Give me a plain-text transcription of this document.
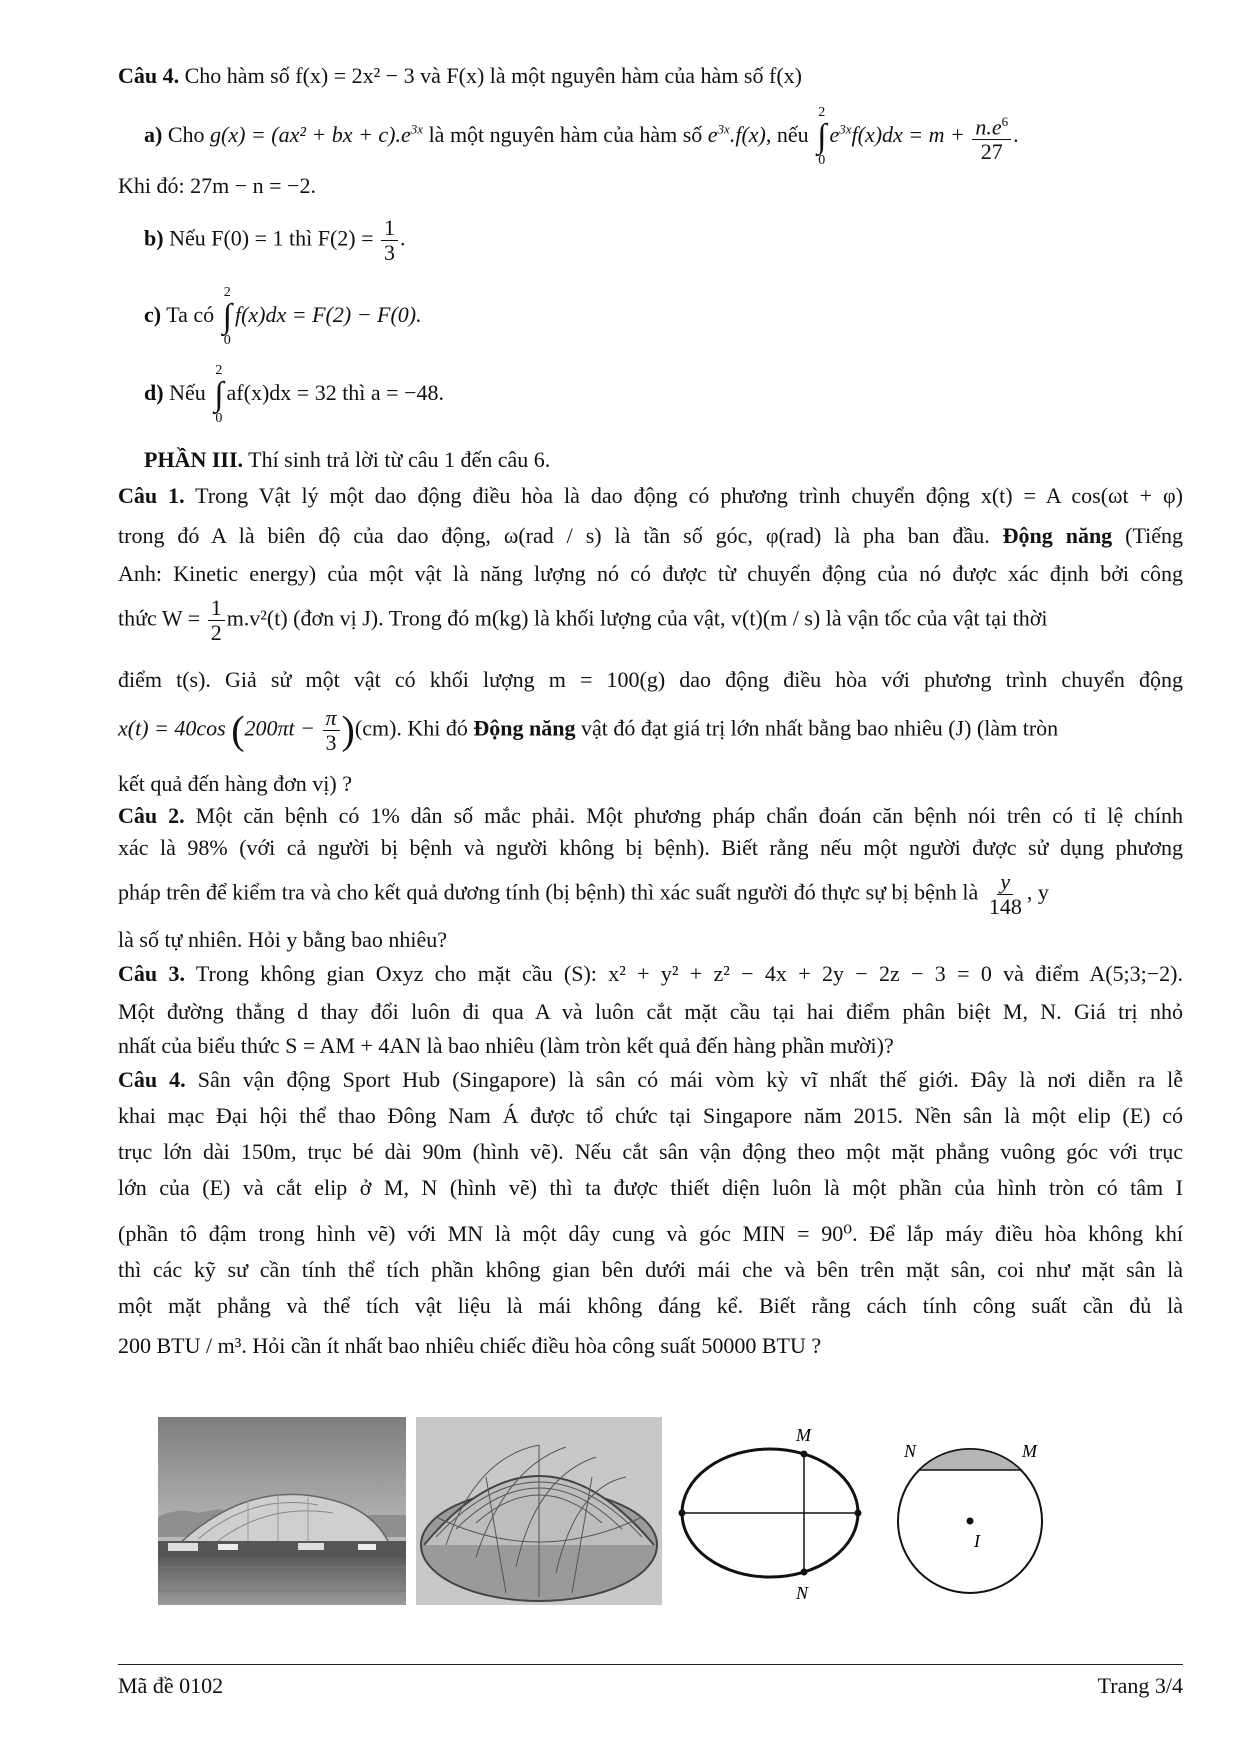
Câu 4. Cho hàm số f(x) = 2x² − 3 và F(x) là một nguyên hàm của hàm số f(x)
a) Cho g(x) = (ax² + bx + $c).e^{3x}$ là một nguyên hàm của hàm số $e^{3x}.f(x)$, nếu
2
∫
0
$e^{3x}f(x)dx = m + \frac{n.e^6}{27}$ .
Khi đó: 27m − n = −2.
b) Nếu F(0) = 1 thì $F(2) = \frac{1}{3}$ .
c) Ta có
2
∫
0
f(x)dx = F(2) − F(0).
d) Nếu
2
∫
0
af(x)dx = 32 thì a = −48.
PHẦN III. Thí sinh trả lời từ câu 1 đến câu 6.
Câu 1. Trong Vật lý một dao động điều hòa là dao động có phương trình chuyển động x(t) = A cos(ωt + φ)
trong đó A là biên độ của dao động, ω(rad / s) là tần số góc, φ(rad) là pha ban đầu. Động năng (Tiếng
Anh: Kinetic energy) của một vật là năng lượng nó có được từ chuyển động của nó được xác định bởi công
thức $W = \frac{1}{2} m.v^2(t)$ (đơn vị J). Trong đó m(kg) là khối lượng của vật, v(t)(m / s) là vận tốc của vật tại thời
điểm t(s). Giả sử một vật có khối lượng m = 100(g) dao động điều hòa với phương trình chuyển động
x(t) = 40cos $(200\pi t - \frac{\pi}{3} )(cm)$. Khi đó Động năng vật đó đạt giá trị lớn nhất bằng bao nhiêu (J) (làm tròn
kết quả đến hàng đơn vị) ?
Câu 2. Một căn bệnh có 1% dân số mắc phải. Một phương pháp chẩn đoán căn bệnh nói trên có tỉ lệ chính
xác là 98% (với cả người bị bệnh và người không bị bệnh). Biết rằng nếu một người được sử dụng phương
pháp trên để kiểm tra và cho kết quả dương tính (bị bệnh) thì xác suất người đó thực sự bị bệnh là $\frac{y}{148}$ , y
là số tự nhiên. Hỏi y bằng bao nhiêu?
Câu 3. Trong không gian Oxyz cho mặt cầu (S): x² + y² + z² − 4x + 2y − 2z − 3 = 0 và điểm A(5;3;−2).
Một đường thẳng d thay đổi luôn đi qua A và luôn cắt mặt cầu tại hai điểm phân biệt M, N. Giá trị nhỏ
nhất của biểu thức S = AM + 4AN là bao nhiêu (làm tròn kết quả đến hàng phần mười)?
Câu 4. Sân vận động Sport Hub (Singapore) là sân có mái vòm kỳ vĩ nhất thế giới. Đây là nơi diễn ra lễ
khai mạc Đại hội thể thao Đông Nam Á được tổ chức tại Singapore năm 2015. Nền sân là một elip (E) có
trục lớn dài 150m, trục bé dài 90m (hình vẽ). Nếu cắt sân vận động theo một mặt phẳng vuông góc với trục
lớn của (E) và cắt elip ở M, N (hình vẽ) thì ta được thiết diện luôn là một phần của hình tròn có tâm I
(phần tô đậm trong hình vẽ) với MN là một dây cung và góc MIN = 90⁰. Để lắp máy điều hòa không khí
thì các kỹ sư cần tính thể tích phần không gian bên dưới mái che và bên trên mặt sân, coi như mặt sân là
một mặt phẳng và thể tích vật liệu là mái không đáng kể. Biết rằng cách tính công suất cần đủ là
200 BTU / m³. Hỏi cần ít nhất bao nhiêu chiếc điều hòa công suất 50000 BTU ?
M
N
N	M
I
Mã đề 0102	Trang 3/4
